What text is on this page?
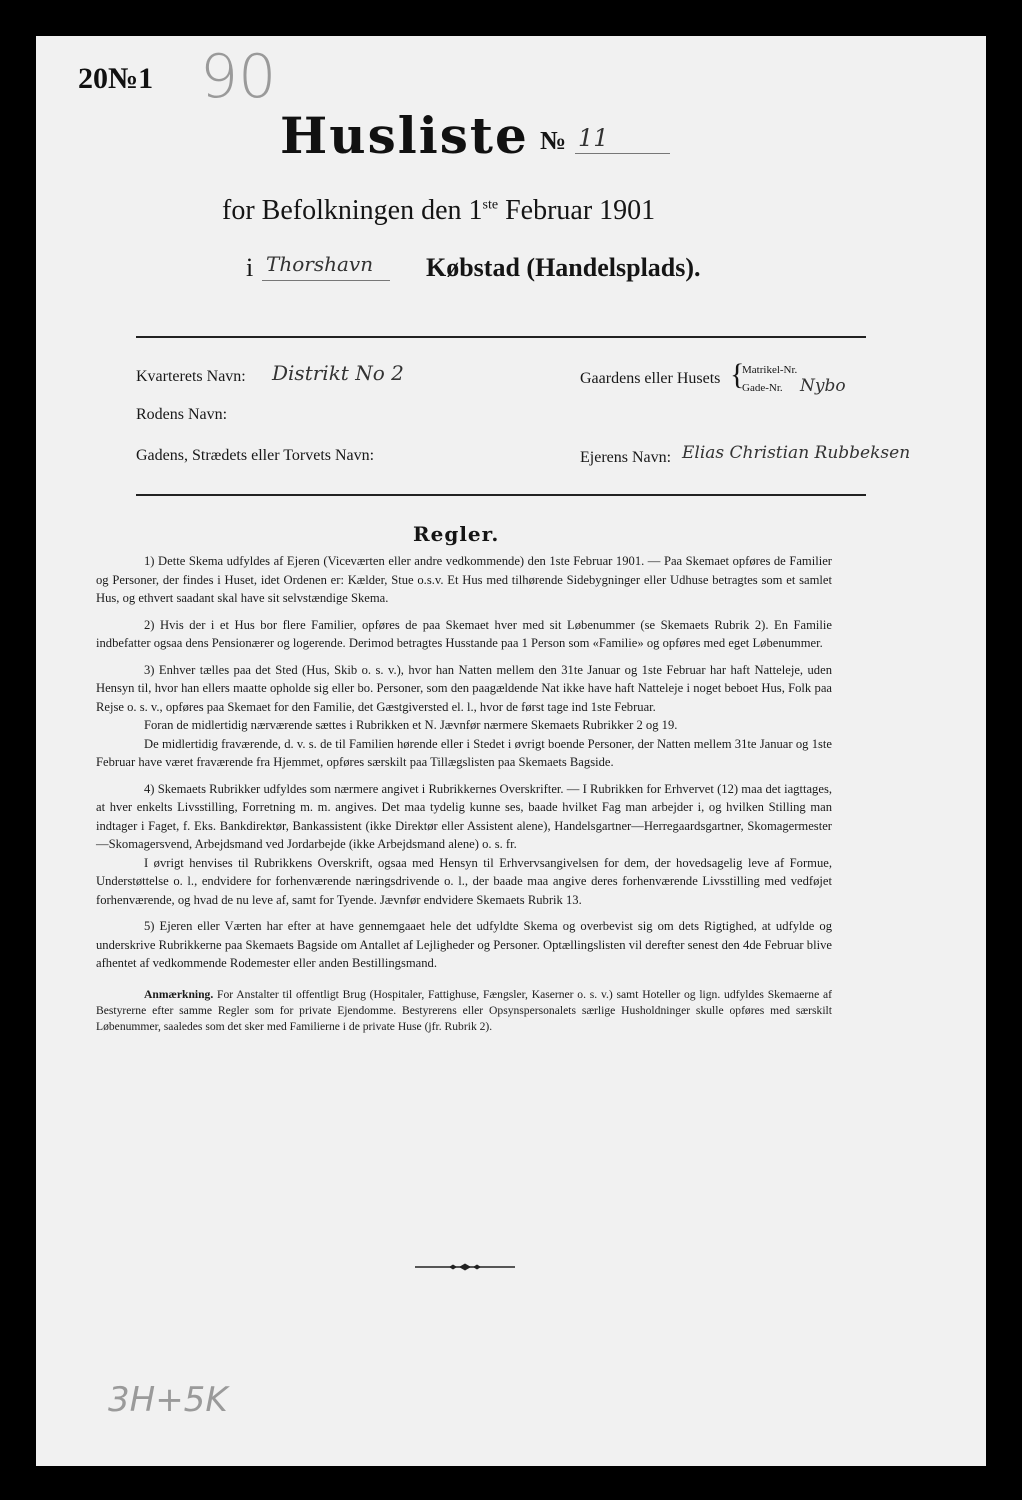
20№1 90
Husliste № 11
for Befolkningen den 1ste Februar 1901
i Thorshavn Købstad (Handelsplads).
Kvarterets Navn: Distrikt No 2
Rodens Navn:
Gadens, Strædets eller Torvets Navn:
Gaardens eller Husets {
Matrikel-Nr.
Gade-Nr. Nybo
Ejerens Navn: Elias Christian Rubbeksen
Regler.

1) Dette Skema udfyldes af Ejeren (Viceværten eller andre vedkommende) den 1ste Februar 1901. — Paa Skemaet opføres de Familier og Personer, der findes i Huset, idet Ordenen er: Kælder, Stue o.s.v. Et Hus med tilhørende Sidebygninger eller Udhuse betragtes som et samlet Hus, og ethvert saadant skal have sit selvstændige Skema.

2) Hvis der i et Hus bor flere Familier, opføres de paa Skemaet hver med sit Løbenummer (se Skemaets Rubrik 2). En Familie indbefatter ogsaa dens Pensionærer og logerende. Derimod betragtes Husstande paa 1 Person som «Familie» og opføres med eget Løbenummer.

3) Enhver tælles paa det Sted (Hus, Skib o. s. v.), hvor han Natten mellem den 31te Januar og 1ste Februar har haft Natteleje, uden Hensyn til, hvor han ellers maatte opholde sig eller bo. Personer, som den paagældende Nat ikke have haft Natteleje i noget beboet Hus, Folk paa Rejse o. s. v., opføres paa Skemaet for den Familie, det Gæstgiversted el. l., hvor de først tage ind 1ste Februar.

Foran de midlertidig nærværende sættes i Rubrikken et N. Jævnfør nærmere Skemaets Rubrikker 2 og 19.

De midlertidig fraværende, d. v. s. de til Familien hørende eller i Stedet i øvrigt boende Personer, der Natten mellem 31te Januar og 1ste Februar have været fraværende fra Hjemmet, opføres særskilt paa Tillægslisten paa Skemaets Bagside.

4) Skemaets Rubrikker udfyldes som nærmere angivet i Rubrikkernes Overskrifter. — I Rubrikken for Erhvervet (12) maa det iagttages, at hver enkelts Livsstilling, Forretning m. m. angives. Det maa tydelig kunne ses, baade hvilket Fag man arbejder i, og hvilken Stilling man indtager i Faget, f. Eks. Bankdirektør, Bankassistent (ikke Direktør eller Assistent alene), Handelsgartner—Herregaardsgartner, Skomagermester—Skomagersvend, Arbejdsmand ved Jordarbejde (ikke Arbejdsmand alene) o. s. fr.

I øvrigt henvises til Rubrikkens Overskrift, ogsaa med Hensyn til Erhvervsangivelsen for dem, der hovedsagelig leve af Formue, Understøttelse o. l., endvidere for forhenværende næringsdrivende o. l., der baade maa angive deres forhenværende Livsstilling med vedføjet forhenværende, og hvad de nu leve af, samt for Tyende. Jævnfør endvidere Skemaets Rubrik 13.

5) Ejeren eller Værten har efter at have gennemgaaet hele det udfyldte Skema og overbevist sig om dets Rigtighed, at udfylde og underskrive Rubrikkerne paa Skemaets Bagside om Antallet af Lejligheder og Personer. Optællingslisten vil derefter senest den 4de Februar blive afhentet af vedkommende Rodemester eller anden Bestillingsmand.

Anmærkning. For Anstalter til offentligt Brug (Hospitaler, Fattighuse, Fængsler, Kaserner o. s. v.) samt Hoteller og lign. udfyldes Skemaerne af Bestyrerne efter samme Regler som for private Ejendomme. Bestyrerens eller Opsynspersonalets særlige Husholdninger skulle opføres med særskilt Løbenummer, saaledes som det sker med Familierne i de private Huse (jfr. Rubrik 2).

3H+5K
